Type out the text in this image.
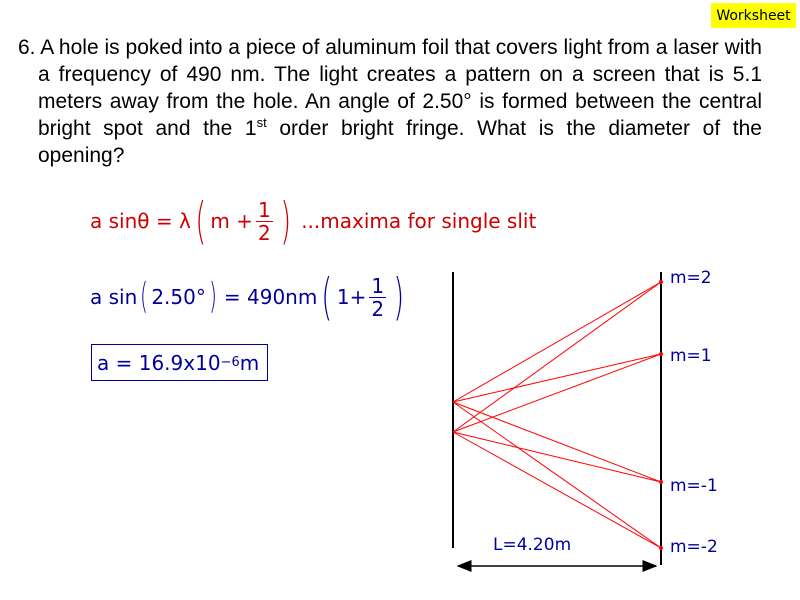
Worksheet
6. A hole is poked into a piece of aluminum foil that covers light from a laser with a frequency of 490 nm. The light creates a pattern on a screen that is 5.1 meters away from the hole. An angle of 2.50° is formed between the central bright spot and the 1st order bright fringe. What is the diameter of the opening?
a sinθ = λ ( $m + \frac{1}{2}$ ) ...maxima for single slit
a sin ( 2.50° ) = 490nm ( $1+ \frac{1}{2}$ )
a = 16.9x10 −6 m
m=2
m=1
m=-1
m=-2
L=4.20m
